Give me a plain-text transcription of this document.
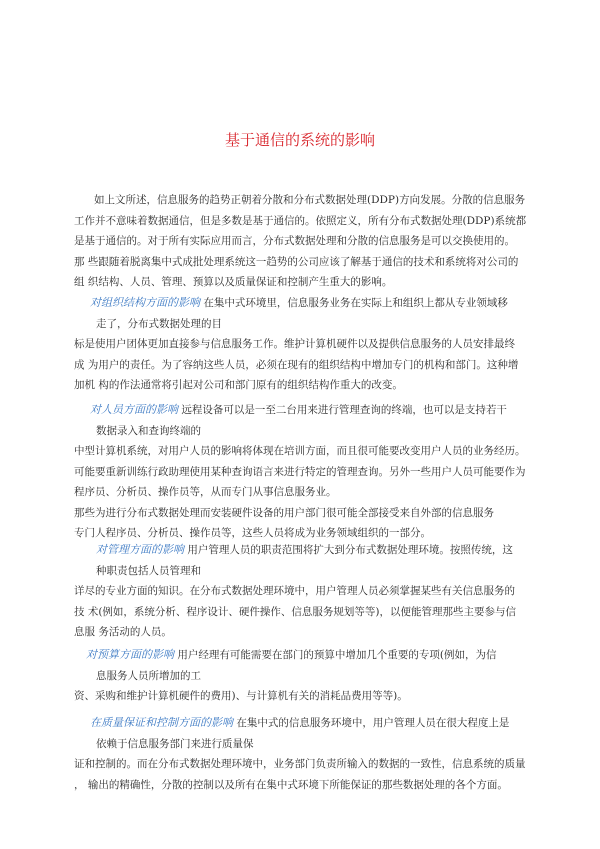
基于通信的系统的影响
如上文所述，信息服务的趋势正朝着分散和分布式数据处理(DDP)方向发展。分散的信息服务
工作并不意味着数据通信，但是多数是基于通信的。依照定义，所有分布式数据处理(DDP)系统都
是基于通信的。对于所有实际应用而言，分布式数据处理和分散的信息服务是可以交换使用的。
那 些跟随着脱离集中式成批处理系统这一趋势的公司应该了解基于通信的技术和系统将对公司的
组 织结构、人员、管理、预算以及质量保证和控制产生重大的影响。
对组织结构方面的影响 在集中式环境里，信息服务业务在实际上和组织上都从专业领域移
走了，分布式数据处理的目
标是使用户团体更加直接参与信息服务工作。维护计算机硬件以及提供信息服务的人员安排最终
成 为用户的责任。为了容纳这些人员，必须在现有的组织结构中增加专门的机构和部门。这种增
加机 构的作法通常将引起对公司和部门原有的组织结构作重大的改变。
对人员方面的影响 远程设备可以是一至二台用来进行管理查询的终端，也可以是支持若干
数据录入和查询终端的
中型计算机系统，对用户人员的影响将体现在培训方面，而且很可能要改变用户人员的业务经历。
可能要重新训练行政助理使用某种查询语言来进行特定的管理查询。另外一些用户人员可能要作为
程序员、分析员、操作员等，从而专门从事信息服务业。
那些为进行分布式数据处理而安装硬件设备的用户部门很可能全部接受来自外部的信息服务
专门人程序员、分析员、操作员等，这些人员将成为业务领域组织的一部分。
对管理方面的影响 用户管理人员的职责范围将扩大到分布式数据处理环境。按照传统，这
种职责包括人员管理和
详尽的专业方面的知识。在分布式数据处理环境中，用户管理人员必须掌握某些有关信息服务的
技 术(例如，系统分析、程序设计、硬件操作、信息服务规划等等)，以便能管理那些主要参与信
息服 务活动的人员。
对预算方面的影响 用户经理有可能需要在部门的预算中增加几个重要的专项(例如，为信
息服务人员所增加的工
资、采购和维护计算机硬件的费用)、与计算机有关的消耗品费用等等)。
在质量保证和控制方面的影响 在集中式的信息服务环境中，用户管理人员在很大程度上是
依赖于信息服务部门来进行质量保
证和控制的。而在分布式数据处理环境中，业务部门负责所输入的数据的一致性，信息系统的质量
， 输出的精确性，分散的控制以及所有在集中式环境下所能保证的那些数据处理的各个方面。
